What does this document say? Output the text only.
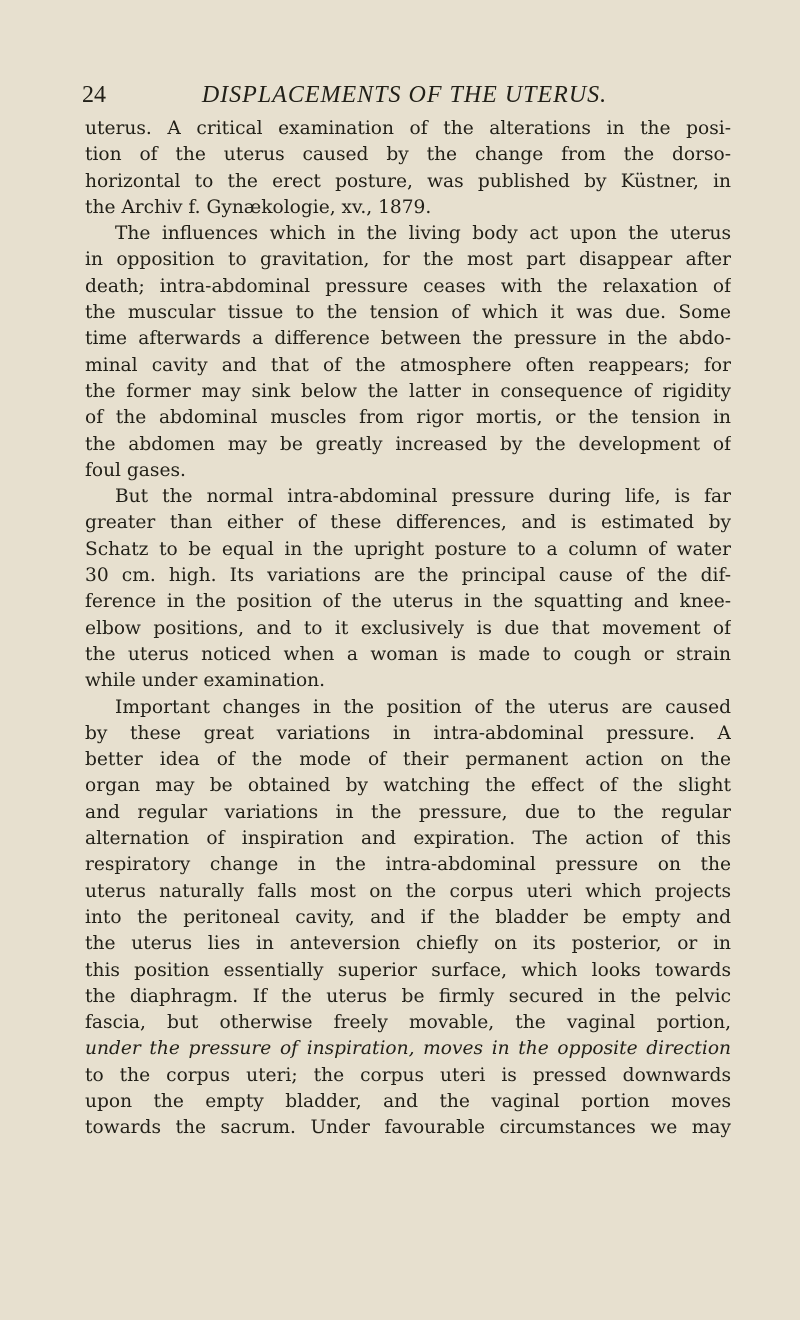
24	DISPLACEMENTS OF THE UTERUS.
uterus. A critical examination of the alterations in the posi-
tion of the uterus caused by the change from the dorso-
horizontal to the erect posture, was published by Küstner, in
the Archiv f. Gynækologie, xv., 1879.
The influences which in the living body act upon the uterus
in opposition to gravitation, for the most part disappear after
death; intra-abdominal pressure ceases with the relaxation of
the muscular tissue to the tension of which it was due. Some
time afterwards a difference between the pressure in the abdo-
minal cavity and that of the atmosphere often reappears; for
the former may sink below the latter in consequence of rigidity
of the abdominal muscles from rigor mortis, or the tension in
the abdomen may be greatly increased by the development of
foul gases.
But the normal intra-abdominal pressure during life, is far
greater than either of these differences, and is estimated by
Schatz to be equal in the upright posture to a column of water
30 cm. high. Its variations are the principal cause of the dif-
ference in the position of the uterus in the squatting and knee-
elbow positions, and to it exclusively is due that movement of
the uterus noticed when a woman is made to cough or strain
while under examination.
Important changes in the position of the uterus are caused
by these great variations in intra-abdominal pressure. A
better idea of the mode of their permanent action on the
organ may be obtained by watching the effect of the slight
and regular variations in the pressure, due to the regular
alternation of inspiration and expiration. The action of this
respiratory change in the intra-abdominal pressure on the
uterus naturally falls most on the corpus uteri which projects
into the peritoneal cavity, and if the bladder be empty and
the uterus lies in anteversion chiefly on its posterior, or in
this position essentially superior surface, which looks towards
the diaphragm. If the uterus be firmly secured in the pelvic
fascia, but otherwise freely movable, the vaginal portion,
under the pressure of inspiration, moves in the opposite direction
to the corpus uteri; the corpus uteri is pressed downwards
upon the empty bladder, and the vaginal portion moves
towards the sacrum. Under favourable circumstances we may
